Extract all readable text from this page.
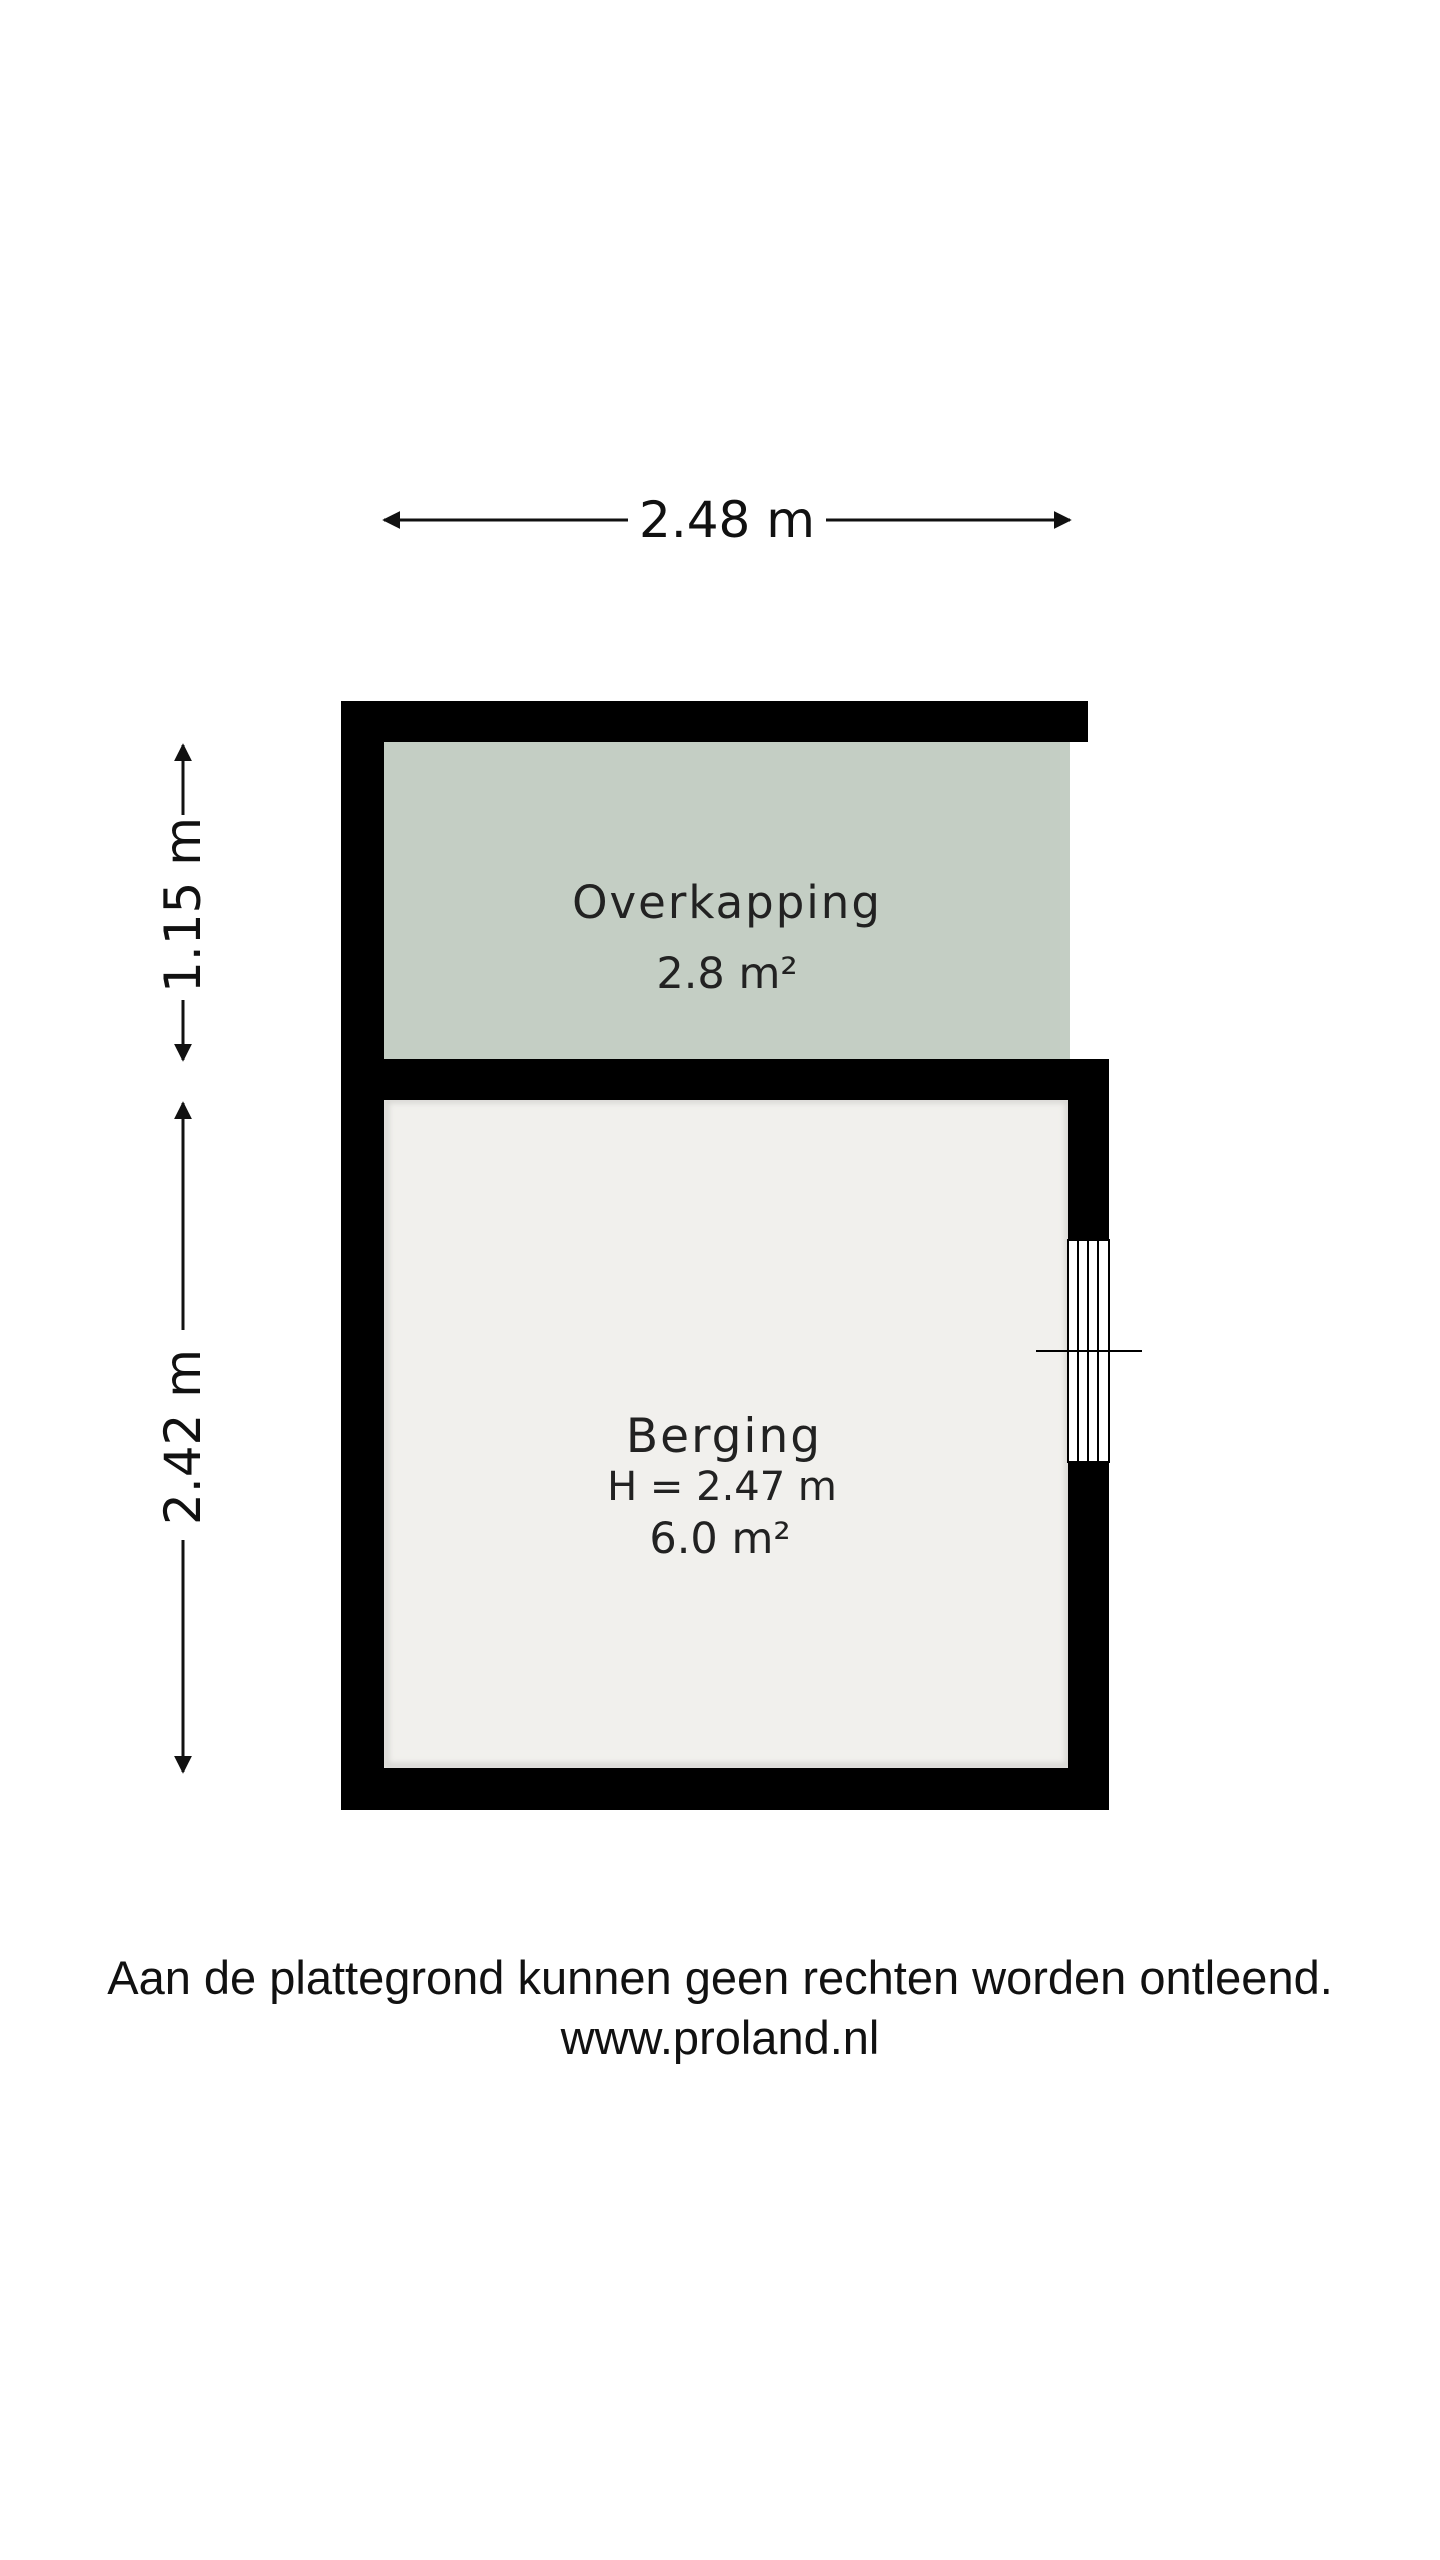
2.48 m
1.15 m
2.42 m
Overkapping
2.8 m²
Berging
H = 2.47 m
6.0 m²
Aan de plattegrond kunnen geen rechten worden ontleend.
www.proland.nl
